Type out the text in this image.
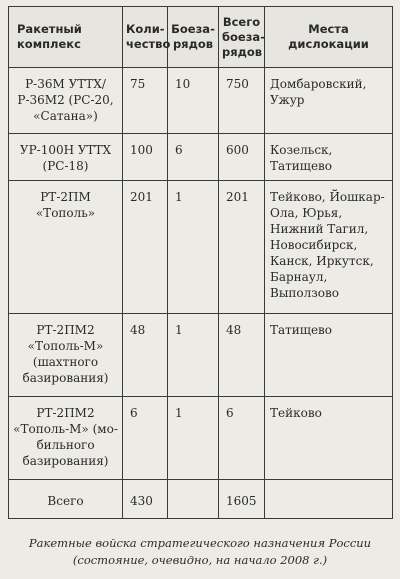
Ракетный комплекс	Количество	Боезарядов	Всего боезарядов	Места дислокации
Р-36М УТТХ/ Р-36М2 (РС-20, «Сатана»)	75	10	750	Домбаровский, Ужур
УР-100Н УТТХ (РС-18)	100	6	600	Козельск, Татищево
РТ-2ПМ «Тополь»	201	1	201	Тейково, Йошкар-Ола, Юрья, Нижний Тагил, Новосибирск, Канск, Иркутск, Барнаул, Выползово
РТ-2ПМ2 «Тополь-М» (шахтного базирования)	48	1	48	Татищево
РТ-2ПМ2 «Тополь-М» (мобильного базирования)	6	1	6	Тейково
Всего	430		1605	
Ракетные войска стратегического назначения России (состояние, очевидно, на начало 2008 г.)
